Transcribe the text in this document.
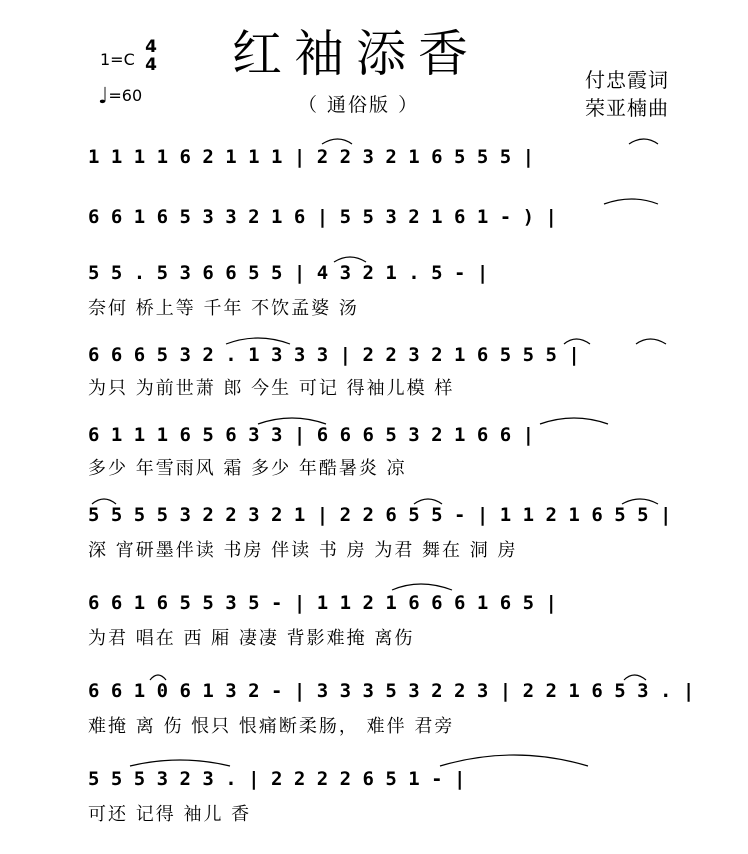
红袖添香
（ 通俗版 ）
1=C
4
4
♩=60
付忠霞词
荣亚楠曲
1 1 1 1 6 2 1 1 1 | 2 2 3 2 1 6 5 5 5 |
6 6 1 6 5 3 3 2 1 6 | 5 5 3 2 1 6 1 - ) |
5 5 . 5 3 6 6 5 5 | 4 3 2 1 . 5 - |
奈何 桥上等 千年 不饮孟婆 汤
6 6 6 5 3 2 . 1 3 3 3 | 2 2 3 2 1 6 5 5 5 |
为只 为前世萧 郎 今生 可记 得袖儿模 样
6 1 1 1 6 5 6 3 3 | 6 6 6 5 3 2 1 6 6 |
多少 年雪雨风 霜 多少 年酷暑炎 凉
5 5 5 5 3 2 2 3 2 1 | 2 2 6 5 5 - | 1 1 2 1 6 5 5 |
深 宵研墨伴读 书房 伴读 书 房 为君 舞在 洞 房
6 6 1 6 5 5 3 5 - | 1 1 2 1 6 6 6 1 6 5 |
为君 唱在 西 厢 凄凄 背影难掩 离伤
6 6 1 0 6 1 3 2 - | 3 3 3 5 3 2 2 3 | 2 2 1 6 5 3 . |
难掩 离 伤 恨只 恨痛断柔肠， 难伴 君旁
5 5 5 3 2 3 . | 2 2 2 2 6 5 1 - |
可还 记得 袖儿 香
